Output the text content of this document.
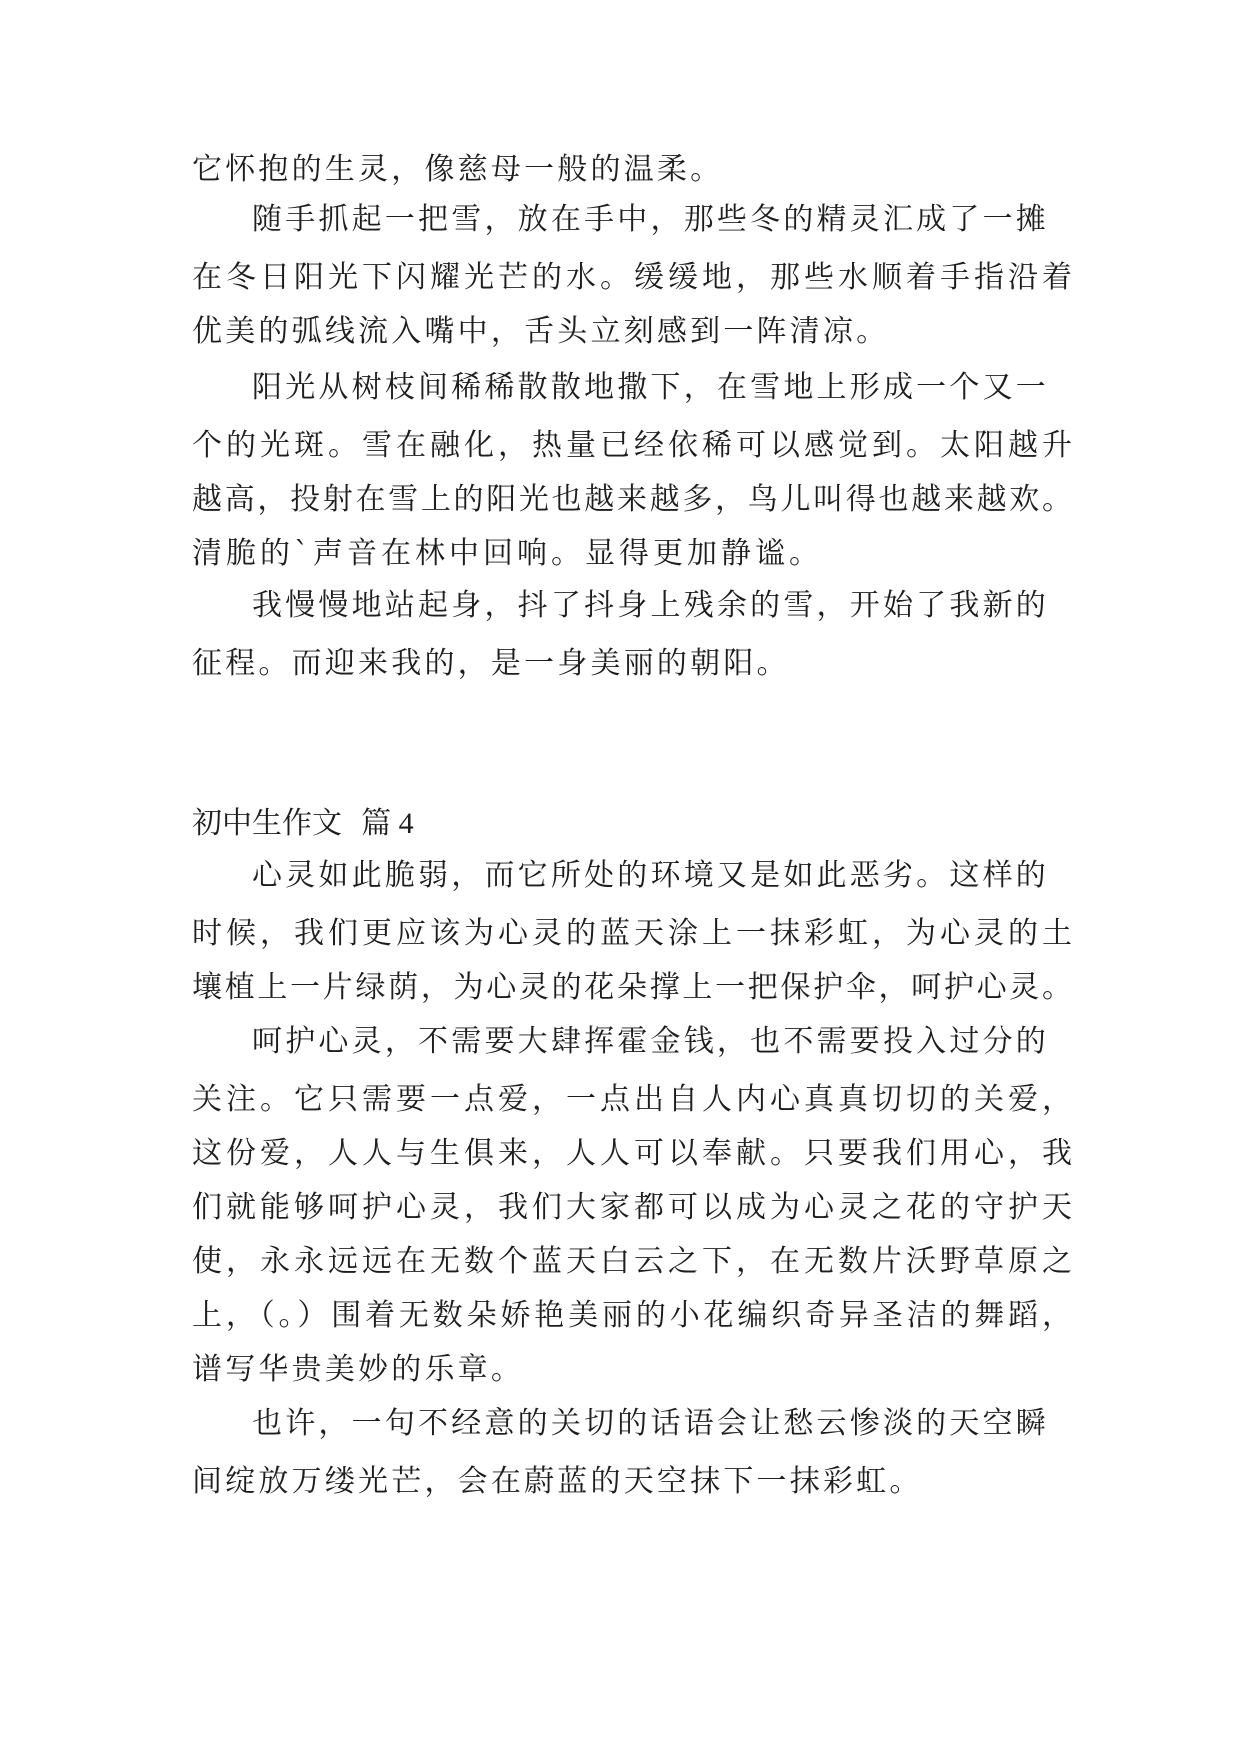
它怀抱的生灵，像慈母一般的温柔。

随手抓起一把雪，放在手中，那些冬的精灵汇成了一摊

在冬日阳光下闪耀光芒的水。缓缓地，那些水顺着手指沿着

优美的弧线流入嘴中，舌头立刻感到一阵清凉。

阳光从树枝间稀稀散散地撒下，在雪地上形成一个又一

个的光斑。雪在融化，热量已经依稀可以感觉到。太阳越升

越高，投射在雪上的阳光也越来越多，鸟儿叫得也越来越欢。

清脆的`声音在林中回响。显得更加静谧。

我慢慢地站起身，抖了抖身上残余的雪，开始了我新的

征程。而迎来我的，是一身美丽的朝阳。

初中生作文 篇 4

心灵如此脆弱，而它所处的环境又是如此恶劣。这样的

时候，我们更应该为心灵的蓝天涂上一抹彩虹，为心灵的土

壤植上一片绿荫，为心灵的花朵撑上一把保护伞，呵护心灵。

呵护心灵，不需要大肆挥霍金钱，也不需要投入过分的

关注。它只需要一点爱，一点出自人内心真真切切的关爱，

这份爱，人人与生俱来，人人可以奉献。只要我们用心，我

们就能够呵护心灵，我们大家都可以成为心灵之花的守护天

使，永永远远在无数个蓝天白云之下，在无数片沃野草原之

上，（。）围着无数朵娇艳美丽的小花编织奇异圣洁的舞蹈，

谱写华贵美妙的乐章。

也许，一句不经意的关切的话语会让愁云惨淡的天空瞬

间绽放万缕光芒，会在蔚蓝的天空抹下一抹彩虹。
